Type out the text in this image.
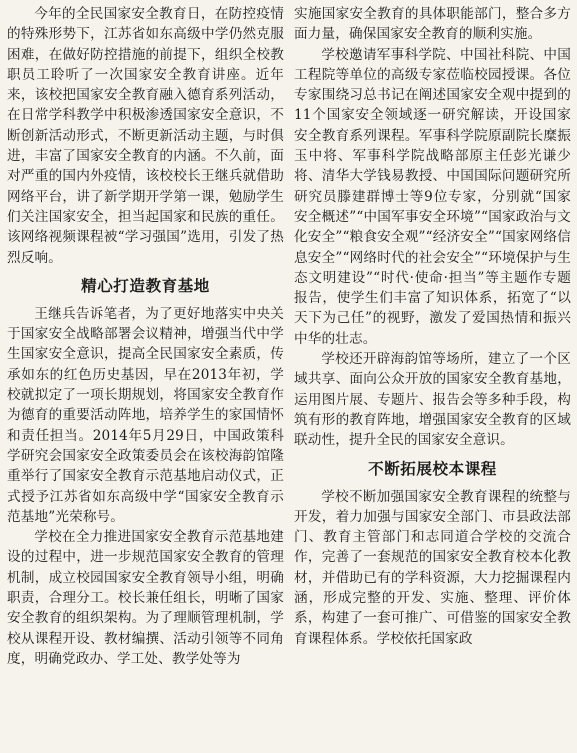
今年的全民国家安全教育日，在防控疫情的特殊形势下，江苏省如东高级中学仍然克服困难，在做好防控措施的前提下，组织全校教职员工聆听了一次国家安全教育讲座。近年来，该校把国家安全教育融入德育系列活动，在日常学科教学中积极渗透国家安全意识，不断创新活动形式，不断更新活动主题，与时俱进，丰富了国家安全教育的内涵。不久前，面对严重的国内外疫情，该校校长王继兵就借助网络平台，讲了新学期开学第一课，勉励学生们关注国家安全，担当起国家和民族的重任。该网络视频课程被“学习强国”选用，引发了热烈反响。

精心打造教育基地

王继兵告诉笔者，为了更好地落实中央关于国家安全战略部署会议精神，增强当代中学生国家安全意识，提高全民国家安全素质，传承如东的红色历史基因，早在2013年初，学校就拟定了一项长期规划，将国家安全教育作为德育的重要活动阵地，培养学生的家国情怀和责任担当。2014年5月29日，中国政策科学研究会国家安全政策委员会在该校海韵馆隆重举行了国家安全教育示范基地启动仪式，正式授予江苏省如东高级中学“国家安全教育示范基地”光荣称号。

学校在全力推进国家安全教育示范基地建设的过程中，进一步规范国家安全教育的管理机制，成立校园国家安全教育领导小组，明确职责，合理分工。校长兼任组长，明晰了国家安全教育的组织架构。为了理顺管理机制，学校从课程开设、教材编撰、活动引领等不同角度，明确党政办、学工处、教学处等为

实施国家安全教育的具体职能部门，整合多方面力量，确保国家安全教育的顺利实施。

学校邀请军事科学院、中国社科院、中国工程院等单位的高级专家莅临校园授课。各位专家围绕习总书记在阐述国家安全观中提到的11个国家安全领域逐一研究解读，开设国家安全教育系列课程。军事科学院原副院长糜振玉中将、军事科学院战略部原主任彭光谦少将、清华大学钱易教授、中国国际问题研究所研究员滕建群博士等9位专家，分别就“国家安全概述”“中国军事安全环境”“国家政治与文化安全”“粮食安全观”“经济安全”“国家网络信息安全”“网络时代的社会安全”“环境保护与生态文明建设”“时代·使命·担当”等主题作专题报告，使学生们丰富了知识体系，拓宽了“以天下为己任”的视野，激发了爱国热情和振兴中华的壮志。

学校还开辟海韵馆等场所，建立了一个区域共享、面向公众开放的国家安全教育基地，运用图片展、专题片、报告会等多种手段，构筑有形的教育阵地，增强国家安全教育的区域联动性，提升全民的国家安全意识。

不断拓展校本课程

学校不断加强国家安全教育课程的统整与开发，着力加强与国家安全部门、市县政法部门、教育主管部门和志同道合学校的交流合作，完善了一套规范的国家安全教育校本化教材，并借助已有的学科资源，大力挖掘课程内涵，形成完整的开发、实施、整理、评价体系，构建了一套可推广、可借鉴的国家安全教育课程体系。学校依托国家政
